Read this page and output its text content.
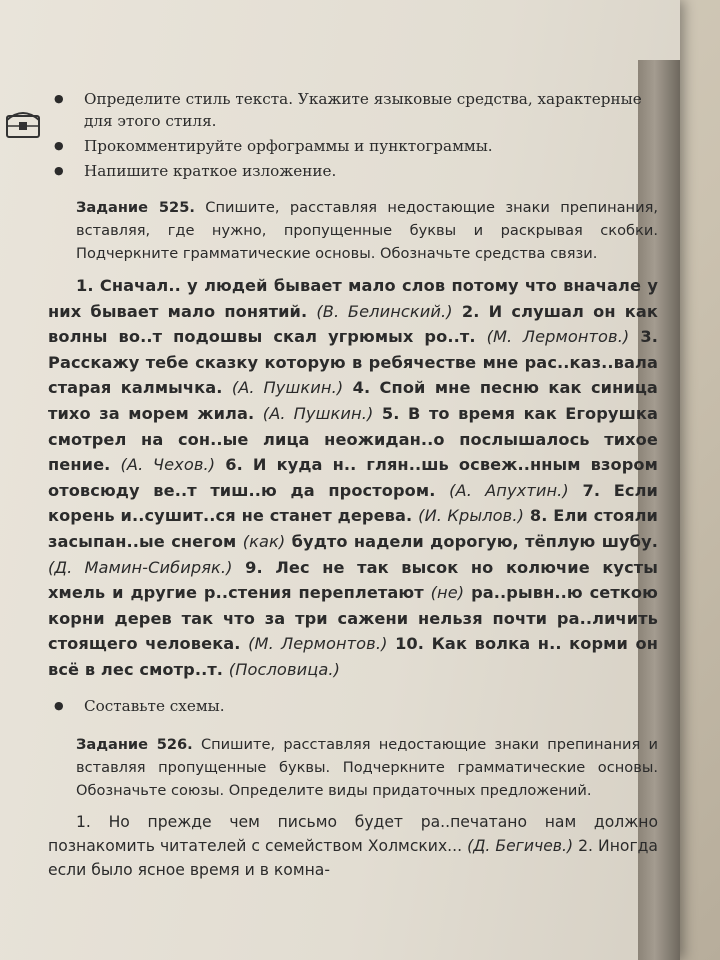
● Определите стиль текста. Укажите языковые средства, характерные для этого стиля.
● Прокомментируйте орфограммы и пунктограммы.
● Напишите краткое изложение.
Задание 525. Спишите, расставляя недостающие знаки препинания, вставляя, где нужно, пропущенные буквы и раскрывая скобки. Подчеркните грамматические основы. Обозначьте средства связи.
1. Сначал.. у людей бывает мало слов потому что вначале у них бывает мало понятий. (В. Белинский.) 2. И слушал он как волны во..т подошвы скал угрюмых ро..т. (М. Лермонтов.) 3. Расскажу тебе сказку которую в ребячестве мне рас..каз..вала старая калмычка. (А. Пушкин.) 4. Спой мне песню как синица тихо за морем жила. (А. Пушкин.) 5. В то время как Егорушка смотрел на сон..ые лица неожидан..о послышалось тихое пение. (А. Чехов.) 6. И куда н.. глян..шь освеж..нным взором отовсюду ве..т тиш..ю да простором. (А. Апухтин.) 7. Если корень и..сушит..ся не станет дерева. (И. Крылов.) 8. Ели стояли засыпан..ые снегом (как) будто надели дорогую, тёплую шубу. (Д. Мамин-Сибиряк.) 9. Лес не так высок но колючие кусты хмель и другие р..стения переплетают (не) ра..рывн..ю сеткою корни дерев так что за три сажени нельзя почти ра..личить стоящего человека. (М. Лермонтов.) 10. Как волка н.. корми он всё в лес смотр..т. (Пословица.)
● Составьте схемы.
Задание 526. Спишите, расставляя недостающие знаки препинания и вставляя пропущенные буквы. Подчеркните грамматические основы. Обозначьте союзы. Определите виды придаточных предложений.
1. Но прежде чем письмо будет ра..печатано нам должно познакомить читателей с семейством Холмских... (Д. Бегичев.) 2. Иногда если было ясное время и в комна-
